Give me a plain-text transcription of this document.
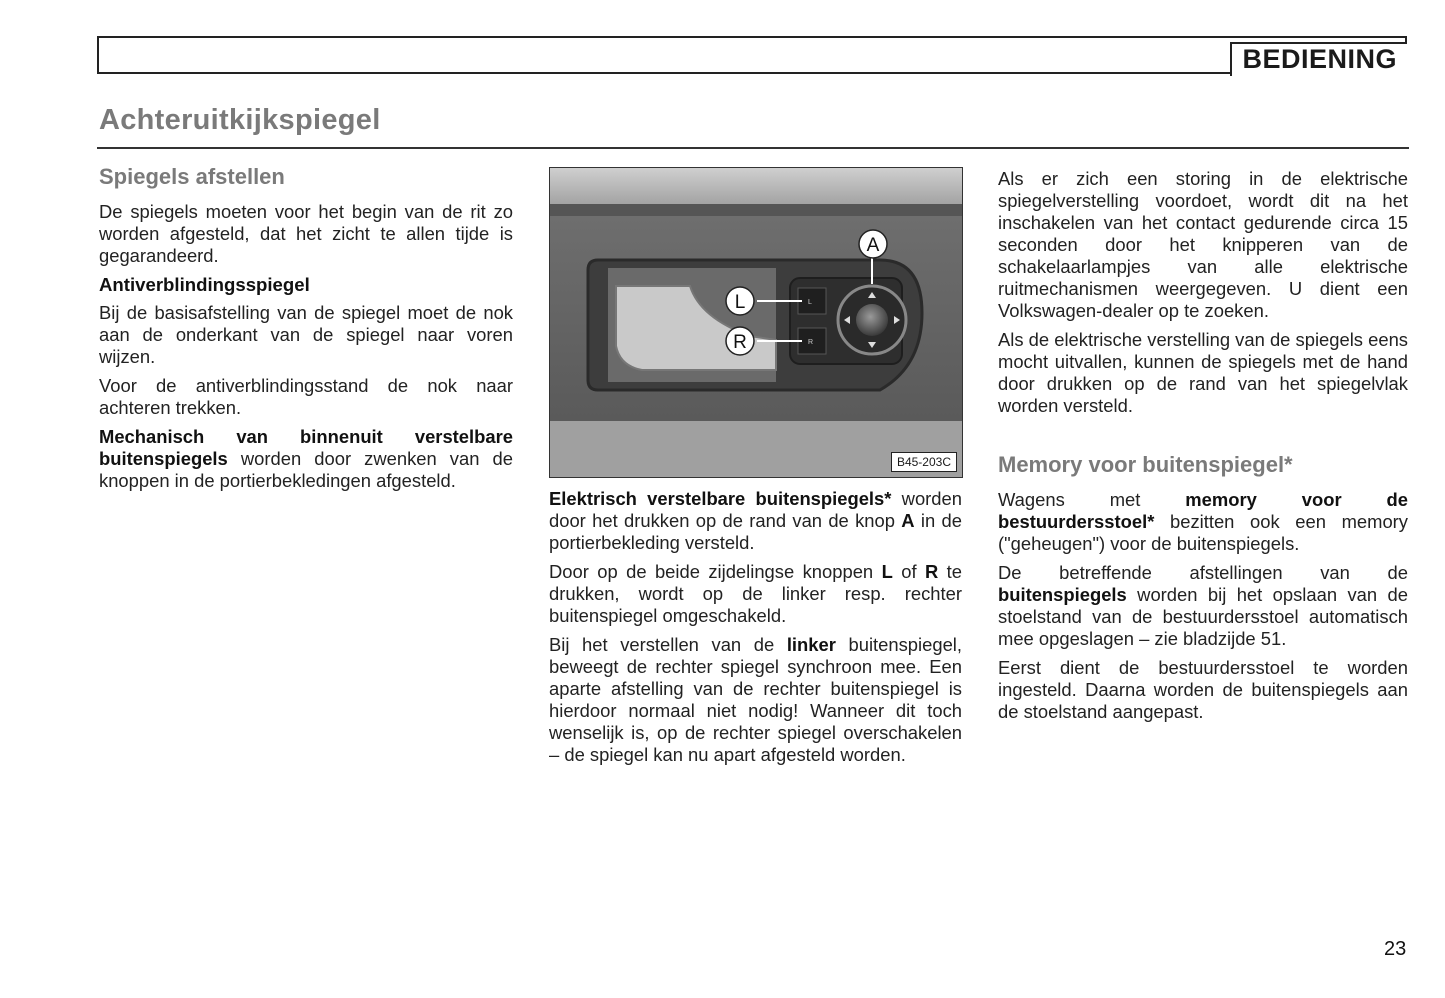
BEDIENING
Achteruitkijkspiegel
Spiegels afstellen

De spiegels moeten voor het begin van de rit zo worden afgesteld, dat het zicht te allen tijde is gegarandeerd.

Antiverblindingsspiegel

Bij de basisafstelling van de spiegel moet de nok aan de onderkant van de spiegel naar voren wijzen.

Voor de antiverblindingsstand de nok naar achteren trekken.

Mechanisch van binnenuit verstelbare buitenspiegels worden door zwenken van de knoppen in de portierbekledingen afgesteld.

L
R
A
L
R
B45-203C

Elektrisch verstelbare buitenspiegels* worden door het drukken op de rand van de knop A in de portierbekleding versteld.

Door op de beide zijdelingse knoppen L of R te drukken, wordt op de linker resp. rechter buitenspiegel omgeschakeld.

Bij het verstellen van de linker buitenspiegel, beweegt de rechter spiegel synchroon mee. Een aparte afstelling van de rechter buitenspiegel is hierdoor normaal niet nodig! Wanneer dit toch wenselijk is, op de rechter spiegel overschakelen – de spiegel kan nu apart afgesteld worden.

Als er zich een storing in de elektrische spiegelverstelling voordoet, wordt dit na het inschakelen van het contact gedurende circa 15 seconden door het knipperen van de schakelaarlampjes van alle elektrische ruitmechanismen weergegeven. U dient een Volkswagen-dealer op te zoeken.

Als de elektrische verstelling van de spiegels eens mocht uitvallen, kunnen de spiegels met de hand door drukken op de rand van het spiegelvlak worden versteld.

Memory voor buitenspiegel*

Wagens met memory voor de bestuurdersstoel* bezitten ook een memory ("geheugen") voor de buitenspiegels.

De betreffende afstellingen van de buitenspiegels worden bij het opslaan van de stoelstand van de bestuurdersstoel automatisch mee opgeslagen – zie bladzijde 51.

Eerst dient de bestuurdersstoel te worden ingesteld. Daarna worden de buitenspiegels aan de stoelstand aangepast.

23
